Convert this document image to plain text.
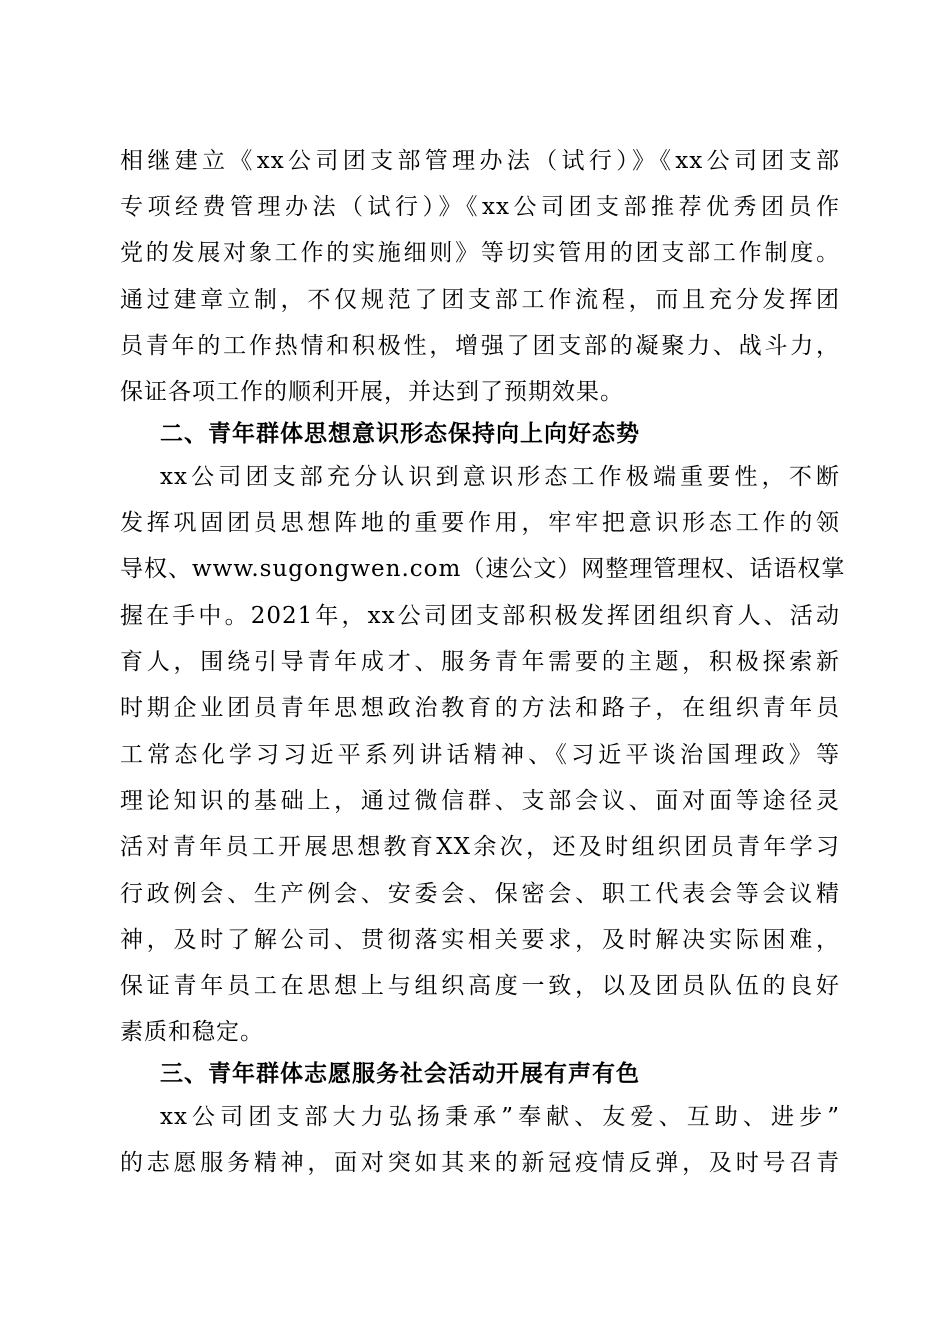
相继建立《xx公司团支部管理办法（试行）》《xx公司团支部
专项经费管理办法（试行）》《xx公司团支部推荐优秀团员作
党的发展对象工作的实施细则》等切实管用的团支部工作制度。
通过建章立制，不仅规范了团支部工作流程，而且充分发挥团
员青年的工作热情和积极性，增强了团支部的凝聚力、战斗力，
保证各项工作的顺利开展，并达到了预期效果。
二、青年群体思想意识形态保持向上向好态势
xx公司团支部充分认识到意识形态工作极端重要性，不断
发挥巩固团员思想阵地的重要作用，牢牢把意识形态工作的领
导权、www.sugongwen.com（速公文）网整理管理权、话语权掌
握在手中。2021年，xx公司团支部积极发挥团组织育人、活动
育人，围绕引导青年成才、服务青年需要的主题，积极探索新
时期企业团员青年思想政治教育的方法和路子，在组织青年员
工常态化学习习近平系列讲话精神、《习近平谈治国理政》等
理论知识的基础上，通过微信群、支部会议、面对面等途径灵
活对青年员工开展思想教育XX余次，还及时组织团员青年学习
行政例会、生产例会、安委会、保密会、职工代表会等会议精
神，及时了解公司、贯彻落实相关要求，及时解决实际困难，
保证青年员工在思想上与组织高度一致，以及团员队伍的良好
素质和稳定。
三、青年群体志愿服务社会活动开展有声有色
xx公司团支部大力弘扬秉承”奉献、友爱、互助、进步”
的志愿服务精神，面对突如其来的新冠疫情反弹，及时号召青
